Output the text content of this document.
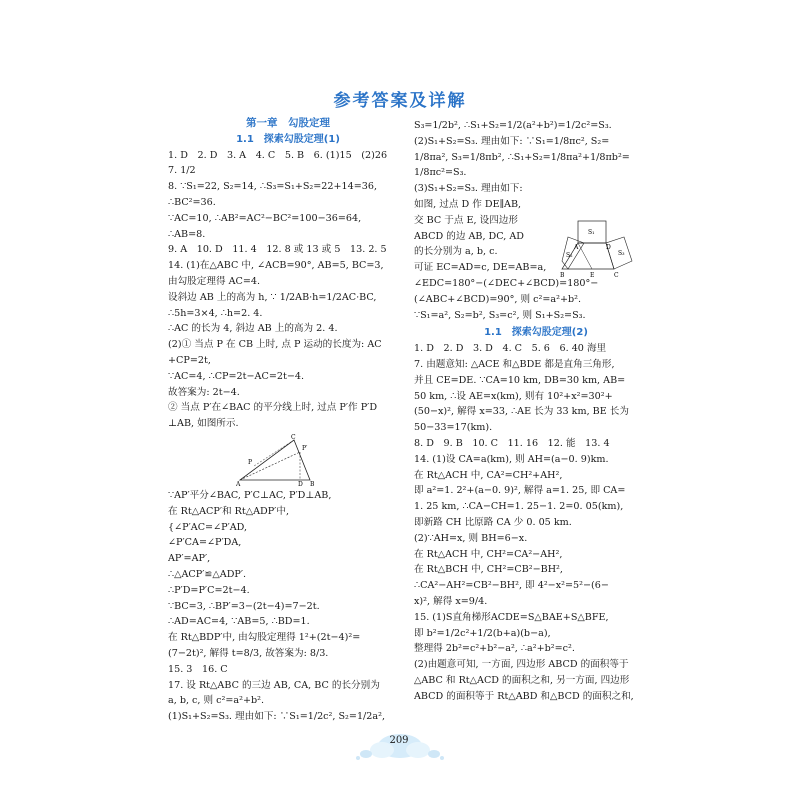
参考答案及详解
第一章　勾股定理
1.1　探索勾股定理(1)
1. D　2. D　3. A　4. C　5. B　6. (1)15　(2)26
7. 1/2
8. ∵S₁=22, S₂=14, ∴S₃=S₁+S₂=22+14=36,
∴BC²=36.
∵AC=10, ∴AB²=AC²−BC²=100−36=64,
∴AB=8.
9. A　10. D　11. 4　12. 8 或 13 或 5　13. 2. 5
14. (1)在△ABC 中, ∠ACB=90°, AB=5, BC=3,
由勾股定理得 AC=4.
设斜边 AB 上的高为 h, ∵ 1/2AB·h=1/2AC·BC,
∴5h=3×4, ∴h=2. 4.
∴AC 的长为 4, 斜边 AB 上的高为 2. 4.
(2)① 当点 P 在 CB 上时, 点 P 运动的长度为: AC
+CP=2t,
∵AC=4, ∴CP=2t−AC=2t−4.
故答案为: 2t−4.
② 当点 P′在∠BAC 的平分线上时, 过点 P′作 P′D
⊥AB, 如图所示.
C
P′
P
A	D B
∵AP′平分∠BAC, P′C⊥AC, P′D⊥AB,
在 Rt△ACP′和 Rt△ADP′中,
{∠P′AC=∠P′AD,
∠P′CA=∠P′DA,
AP′=AP′,
∴△ACP′≌△ADP′.
∴P′D=P′C=2t−4.
∵BC=3, ∴BP′=3−(2t−4)=7−2t.
∴AD=AC=4, ∵AB=5, ∴BD=1.
在 Rt△BDP′中, 由勾股定理得 1²+(2t−4)²=
(7−2t)², 解得 t=8/3, 故答案为: 8/3.
15. 3　16. C
17. 设 Rt△ABC 的三边 AB, CA, BC 的长分别为
a, b, c, 则 c²=a²+b².
(1)S₁+S₂=S₃. 理由如下: ∵S₁=1/2c², S₂=1/2a²,
S₃=1/2b², ∴S₁+S₂=1/2(a²+b²)=1/2c²=S₃.
(2)S₁+S₂=S₃. 理由如下: ∵S₁=1/8πc², S₂=
1/8πa², S₃=1/8πb², ∴S₁+S₂=1/8πa²+1/8πb²=
1/8πc²=S₃.
(3)S₁+S₂=S₃. 理由如下:
如图, 过点 D 作 DE∥AB,
交 BC 于点 E, 设四边形
ABCD 的边 AB, DC, AD
的长分别为 a, b, c.
可证 EC=AD=c, DE=AB=a,
∠EDC=180°−(∠DEC+∠BCD)=180°−
(∠ABC+∠BCD)=90°, 则 c²=a²+b².
∵S₁=a², S₂=b², S₃=c², 则 S₁+S₂=S₃.
1.1　探索勾股定理(2)
1. D　2. D　3. D　4. C　5. 6　6. 40 海里
7. 由题意知: △ACE 和△BDE 都是直角三角形,
并且 CE=DE. ∵CA=10 km, DB=30 km, AB=
50 km, ∴设 AE=x(km), 则有 10²+x²=30²+
(50−x)², 解得 x=33, ∴AE 长为 33 km, BE 长为
50−33=17(km).
8. D　9. B　10. C　11. 16　12. 能　13. 4
14. (1)设 CA=a(km), 则 AH=(a−0. 9)km.
在 Rt△ACH 中, CA²=CH²+AH²,
即 a²=1. 2²+(a−0. 9)², 解得 a=1. 25, 即 CA=
1. 25 km, ∴CA−CH=1. 25−1. 2=0. 05(km),
即新路 CH 比原路 CA 少 0. 05 km.
(2)∵AH=x, 则 BH=6−x.
在 Rt△ACH 中, CH²=CA²−AH²,
在 Rt△BCH 中, CH²=CB²−BH²,
∴CA²−AH²=CB²−BH², 即 4²−x²=5²−(6−
x)², 解得 x=9/4.
15. (1)S直角梯形ACDE=S△BAE+S△BFE,
即 b²=1/2c²+1/2(b+a)(b−a),
整理得 2b²=c²+b²−a², ∴a²+b²=c².
(2)由题意可知, 一方面, 四边形 ABCD 的面积等于
△ABC 和 Rt△ACD 的面积之和, 另一方面, 四边形
ABCD 的面积等于 Rt△ABD 和△BCD 的面积之和,
S₁
S₂	S₃
A	D
B	E	C
209
